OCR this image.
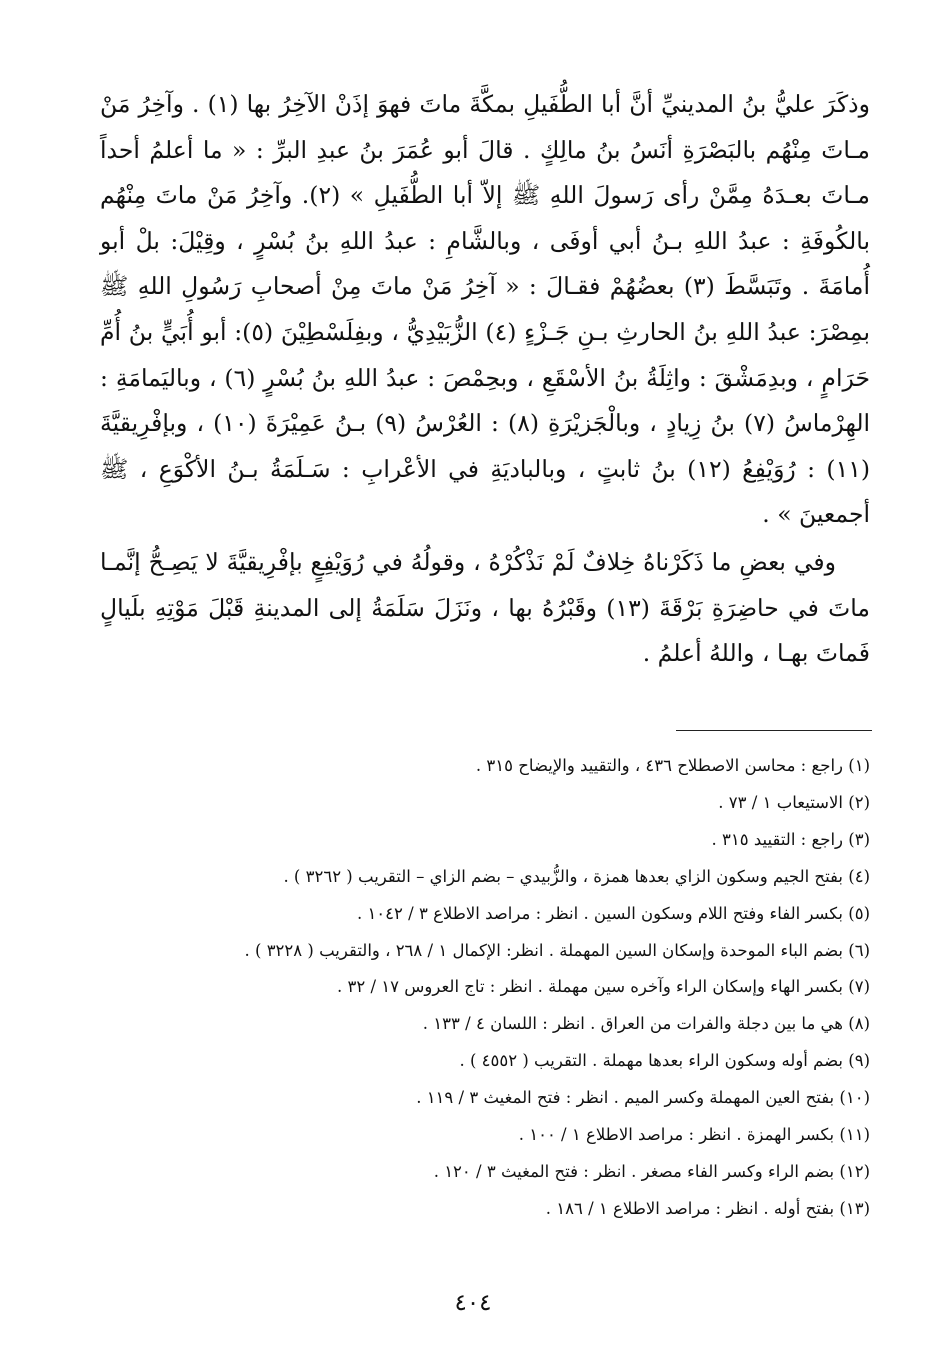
وذكَرَ عليُّ بنُ المدينيِّ أنَّ أبا الطُّفَيلِ بمكَّةَ ماتَ فهوَ إذَنْ الآخِرُ بها (١) . وآخِرُ مَنْ مـاتَ مِنْهُم بالبَصْرَةِ أنَسُ بنُ مالِكٍ . قالَ أبو عُمَرَ بنُ عبدِ البرِّ : « ما أعلمُ أحداً مـاتَ بعـدَهُ مِمَّنْ رأى رَسولَ اللهِ ﷺ إلاّ أبا الطُّفَيلِ » (٢). وآخِرُ مَنْ ماتَ مِنْهُم بالكُوفَةِ : عبدُ اللهِ بـنُ أبي أوفَى ، وبالشَّامِ : عبدُ اللهِ بنُ بُسْرٍ ، وقِيْلَ: بلْ أبو أُمامَةَ . وتَبَسَّطَ (٣) بعضُهُمْ فقـالَ : « آخِرُ مَنْ ماتَ مِنْ أصحابِ رَسُولِ اللهِ ﷺ بمِصْرَ: عبدُ اللهِ بنُ الحارثِ بـنِ جَـزْءٍ (٤) الزُّبَيْدِيُّ ، وبفِلَسْطِيْنَ (٥): أبو أُبَيٍّ بنُ أُمِّ حَرَامٍ ، وبدِمَشْقَ : واثِلَةُ بنُ الأسْقَعِ ، وبحِمْصَ : عبدُ اللهِ بنُ بُسْرٍ (٦) ، وباليَمامَةِ : الهِرْماسُ (٧) بنُ زِيادٍ ، وبالْجَزيْرَةِ (٨) : العُرْسُ (٩) بـنُ عَمِيْرَةَ (١٠) ، وبإفْرِيقيَّةَ (١١) : رُوَيْفِعُ (١٢) بنُ ثابتٍ ، وبالباديَةِ في الأعْرابِ : سَـلَمَةُ بـنُ الأكْوَعِ ، ﷺ أجمعينَ » .

وفي بعضِ ما ذَكَرْناهُ خِلافٌ لَمْ نَذْكُرْهُ ، وقولُهُ في رُوَيْفِعٍ بإفْرِيقيَّةَ لا يَصِـحُّ إنَّمـا ماتَ في حاضِرَةِ بَرْقَةَ (١٣) وقَبْرُهُ بها ، ونَزَلَ سَلَمَةُ إلى المدينةِ قَبْلَ مَوْتِهِ بلَيالٍ فَماتَ بهـا ، واللهُ أعلمُ .

(١) راجع : محاسن الاصطلاح ٤٣٦ ، والتقييد والإيضاح ٣١٥ .
(٢) الاستيعاب ١ / ٧٣ .
(٣) راجع : التقييد ٣١٥ .
(٤) بفتح الجيم وسكون الزاي بعدها همزة ، والزُّبيدي – بضم الزاي – التقريب ( ٣٢٦٢ ) .
(٥) بكسر الفاء وفتح اللام وسكون السين . انظر : مراصد الاطلاع ٣ / ١٠٤٢ .
(٦) بضم الباء الموحدة وإسكان السين المهملة . انظر: الإكمال ١ / ٢٦٨ ، والتقريب ( ٣٢٢٨ ) .
(٧) بكسر الهاء وإسكان الراء وآخره سين مهملة . انظر : تاج العروس ١٧ / ٣٢ .
(٨) هي ما بين دجلة والفرات من العراق . انظر : اللسان ٤ / ١٣٣ .
(٩) بضم أوله وسكون الراء بعدها مهملة . التقريب ( ٤٥٥٢ ) .
(١٠) بفتح العين المهملة وكسر الميم . انظر : فتح المغيث ٣ / ١١٩ .
(١١) بكسر الهمزة . انظر : مراصد الاطلاع ١ / ١٠٠ .
(١٢) بضم الراء وكسر الفاء مصغر . انظر : فتح المغيث ٣ / ١٢٠ .
(١٣) بفتح أوله . انظر : مراصد الاطلاع ١ / ١٨٦ .
٤٠٤
